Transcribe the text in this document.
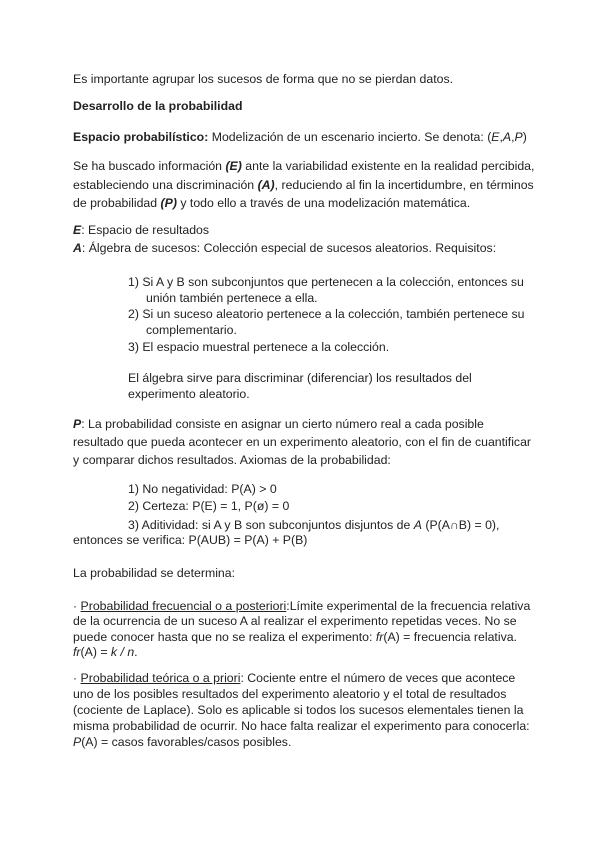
Es importante agrupar los sucesos de forma que no se pierdan datos.
Desarrollo de la probabilidad
Espacio probabilístico: Modelización de un escenario incierto. Se denota: (E,A,P)
Se ha buscado información (E) ante la variabilidad existente en la realidad percibida,
estableciendo una discriminación (A), reduciendo al fin la incertidumbre, en términos
de probabilidad (P) y todo ello a través de una modelización matemática.
E: Espacio de resultados
A: Álgebra de sucesos: Colección especial de sucesos aleatorios. Requisitos:
1) Si A y B son subconjuntos que pertenecen a la colección, entonces su
unión también pertenece a ella.
2) Si un suceso aleatorio pertenece a la colección, también pertenece su
complementario.
3) El espacio muestral pertenece a la colección.
El álgebra sirve para discriminar (diferenciar) los resultados del
experimento aleatorio.
P: La probabilidad consiste en asignar un cierto número real a cada posible
resultado que pueda acontecer en un experimento aleatorio, con el fin de cuantificar
y comparar dichos resultados. Axiomas de la probabilidad:
1) No negatividad: P(A) > 0
2) Certeza: P(E) = 1, P(ø) = 0
3) Aditividad: si A y B son subconjuntos disjuntos de A (P(A∩B) = 0),
entonces se verifica: P(AUB) = P(A) + P(B)
La probabilidad se determina:
· Probabilidad frecuencial o a posteriori:Límite experimental de la frecuencia relativa
de la ocurrencia de un suceso A al realizar el experimento repetidas veces. No se
puede conocer hasta que no se realiza el experimento: fr(A) = frecuencia relativa.
fr(A) = k / n.
· Probabilidad teórica o a priori: Cociente entre el número de veces que acontece
uno de los posibles resultados del experimento aleatorio y el total de resultados
(cociente de Laplace). Solo es aplicable si todos los sucesos elementales tienen la
misma probabilidad de ocurrir. No hace falta realizar el experimento para conocerla:
P(A) = casos favorables/casos posibles.
